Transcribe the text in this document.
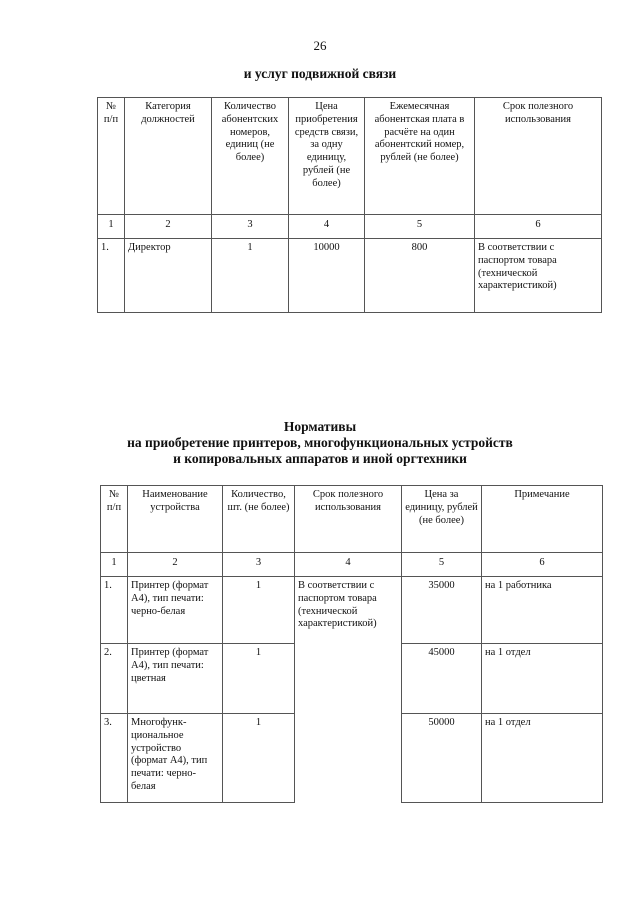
26
и услуг подвижной связи
№ п/п	Категория должностей	Количество абонентских номеров, единиц (не более)	Цена приобретения средств связи, за одну единицу, рублей (не более)	Ежемесячная абонентская плата в расчёте на один абонентский номер, рублей (не более)	Срок полезного использования
1	2	3	4	5	6
1.	Директор	1	10000	800	В соответствии с паспортом товара (технической характеристикой)
Нормативы
на приобретение принтеров, многофункциональных устройств
и копировальных аппаратов и иной оргтехники
№ п/п	Наименование устройства	Количество, шт. (не более)	Срок полезного использования	Цена за единицу, рублей (не более)	Примечание
1	2	3	4	5	6
1.	Принтер (формат А4), тип печати: черно-белая	1	В соответствии с паспортом товара (технической характеристикой)	35000	на 1 работника
2.	Принтер (формат А4), тип печати: цветная	1		45000	на 1 отдел
3.	Многофунк-циональное устройство (формат А4), тип печати: черно-белая	1		50000	на 1 отдел
